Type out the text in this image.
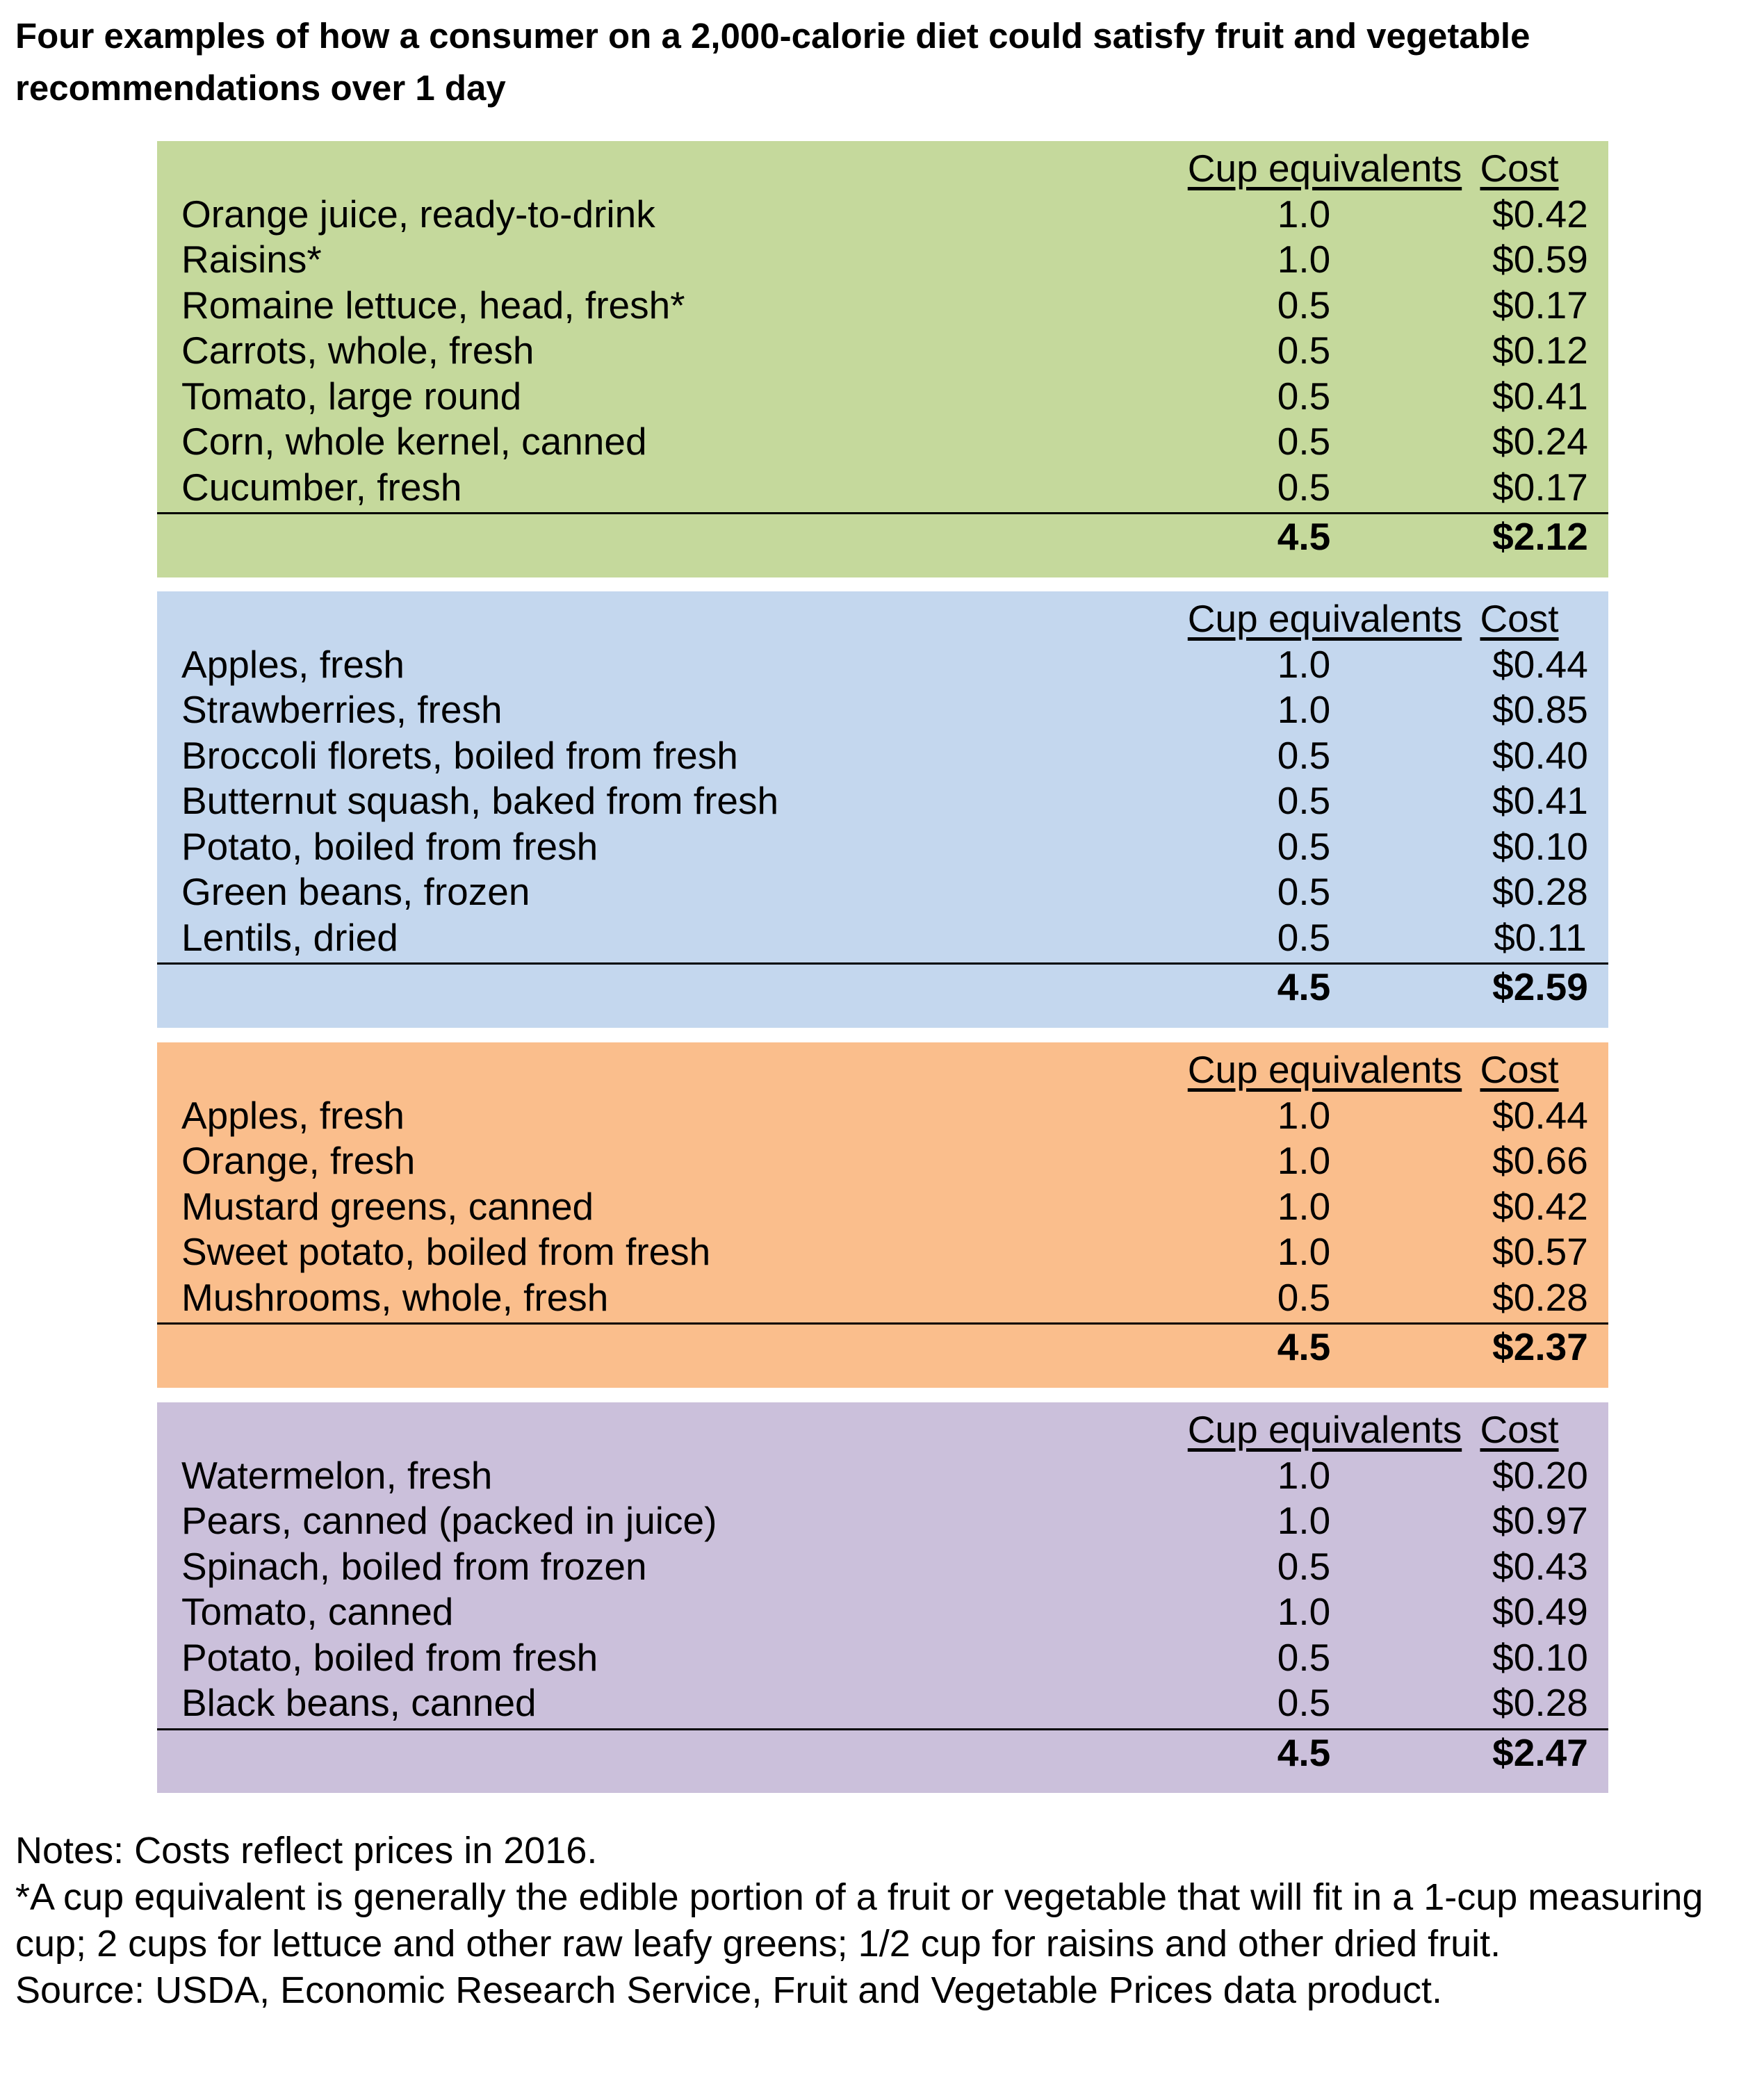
Four examples of how a consumer on a 2,000-calorie diet could satisfy fruit and vegetable recommendations over 1 day
Cup equivalents Cost
Orange juice, ready-to-drink	1.0	$0.42
Raisins*	1.0	$0.59
Romaine lettuce, head, fresh*	0.5	$0.17
Carrots, whole, fresh	0.5	$0.12
Tomato, large round	0.5	$0.41
Corn, whole kernel, canned	0.5	$0.24
Cucumber, fresh	0.5	$0.17
4.5	$2.12
Cup equivalents Cost
Apples, fresh	1.0	$0.44
Strawberries, fresh	1.0	$0.85
Broccoli florets, boiled from fresh	0.5	$0.40
Butternut squash, baked from fresh	0.5	$0.41
Potato, boiled from fresh	0.5	$0.10
Green beans, frozen	0.5	$0.28
Lentils, dried	0.5	$0.11
4.5	$2.59
Cup equivalents Cost
Apples, fresh	1.0	$0.44
Orange, fresh	1.0	$0.66
Mustard greens, canned	1.0	$0.42
Sweet potato, boiled from fresh	1.0	$0.57
Mushrooms, whole, fresh	0.5	$0.28
4.5	$2.37
Cup equivalents Cost
Watermelon, fresh	1.0	$0.20
Pears, canned (packed in juice)	1.0	$0.97
Spinach, boiled from frozen	0.5	$0.43
Tomato, canned	1.0	$0.49
Potato, boiled from fresh	0.5	$0.10
Black beans, canned	0.5	$0.28
4.5	$2.47

Notes: Costs reflect prices in 2016.

*A cup equivalent is generally the edible portion of a fruit or vegetable that will fit in a 1-cup measuring cup; 2 cups for lettuce and other raw leafy greens; 1/2 cup for raisins and other dried fruit.

Source: USDA, Economic Research Service, Fruit and Vegetable Prices data product.
